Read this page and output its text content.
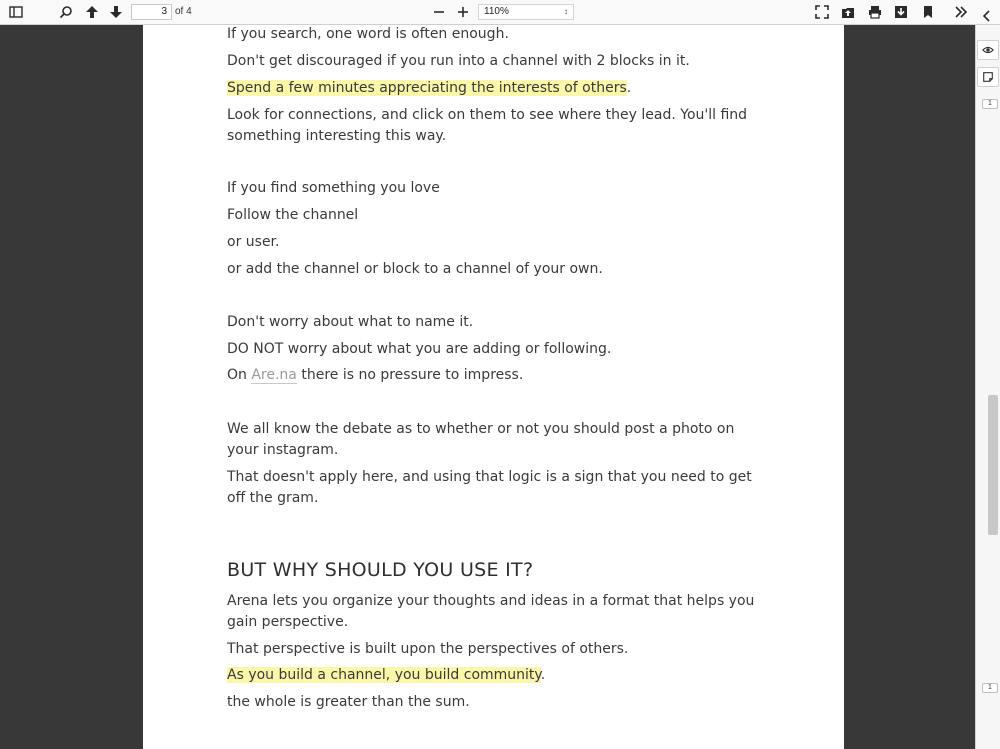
3 of 4	110%	↕

If you search, one word is often enough.

Don't get discouraged if you run into a channel with 2 blocks in it.

Spend a few minutes appreciating the interests of others.

Look for connections, and click on them to see where they lead. You'll find something interesting this way.

If you find something you love

Follow the channel

or user.

or add the channel or block to a channel of your own.

Don't worry about what to name it.

DO NOT worry about what you are adding or following.

On Are.na there is no pressure to impress.

We all know the debate as to whether or not you should post a photo on your instagram.

That doesn't apply here, and using that logic is a sign that you need to get off the gram.

BUT WHY SHOULD YOU USE IT?

Arena lets you organize your thoughts and ideas in a format that helps you gain perspective.

That perspective is built upon the perspectives of others.

As you build a channel, you build community.

the whole is greater than the sum.

1
1
